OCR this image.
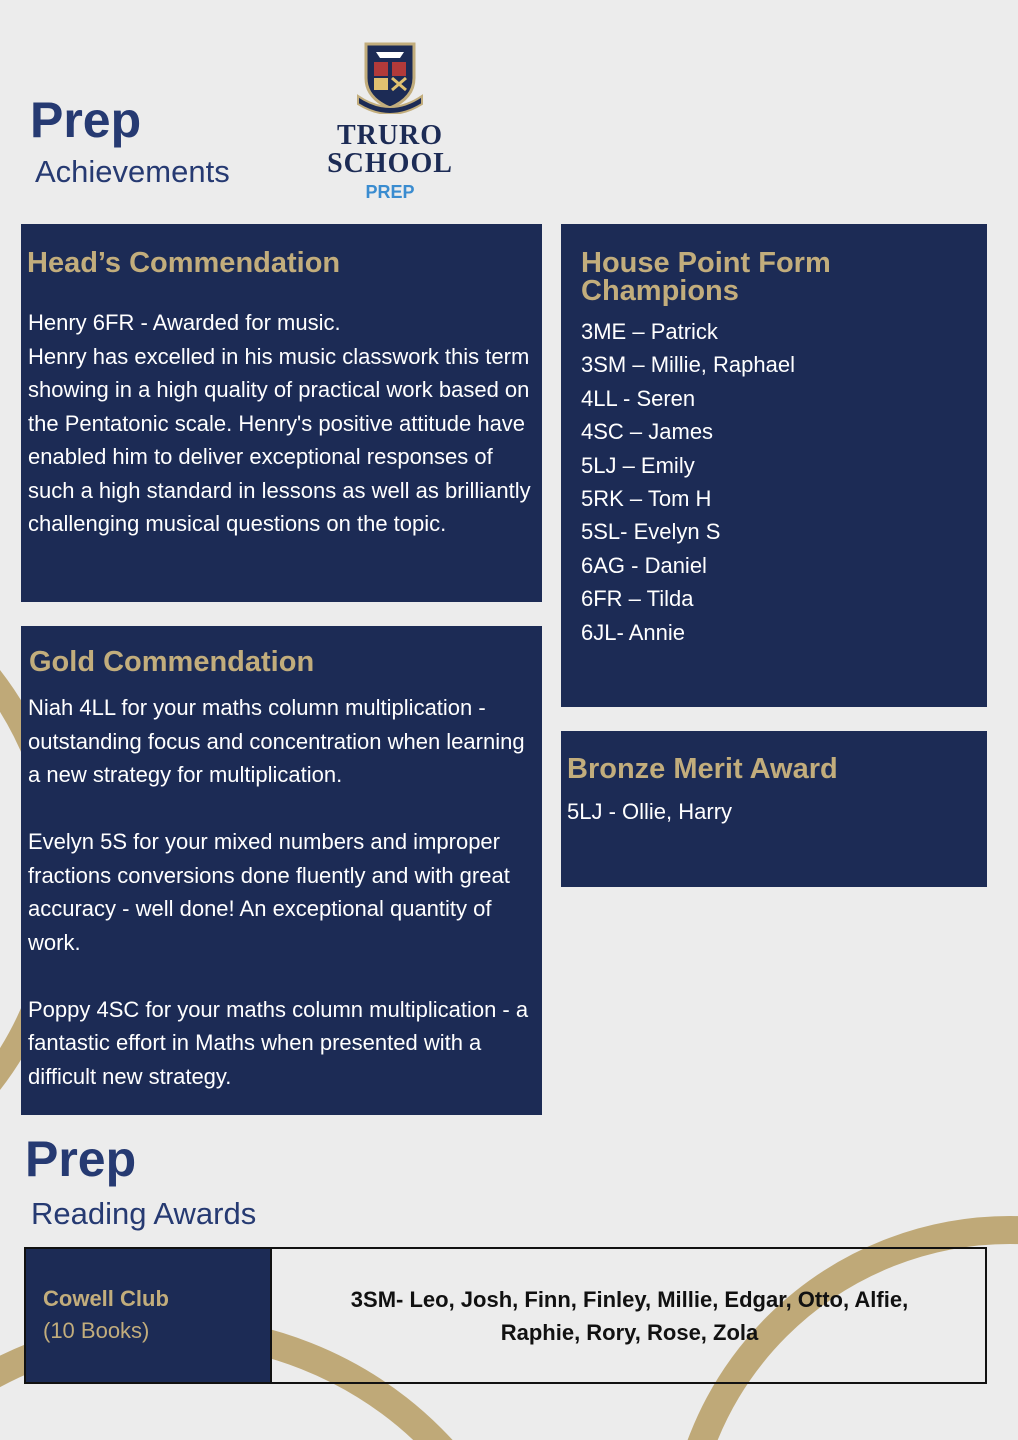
Prep
Achievements
TRURO
SCHOOL
PREP
Head’s Commendation
Henry 6FR - Awarded for music.
Henry has excelled in his music classwork this term showing in a high quality of practical work based on the Pentatonic scale. Henry's positive attitude have enabled him to deliver exceptional responses of such a high standard in lessons as well as brilliantly challenging musical questions on the topic.
House Point Form
Champions
3ME – Patrick
3SM – Millie, Raphael
4LL - Seren
4SC – James
5LJ – Emily
5RK – Tom H
5SL- Evelyn S
6AG - Daniel
6FR – Tilda
6JL- Annie
Gold Commendation
Niah 4LL for your maths column multiplication - outstanding focus and concentration when learning a new strategy for multiplication.
Evelyn 5S for your mixed numbers and improper fractions conversions done fluently and with great accuracy - well done! An exceptional quantity of work.
Poppy 4SC for your maths column multiplication - a fantastic effort in Maths when presented with a difficult new strategy.
Bronze Merit Award
5LJ - Ollie, Harry
Prep
Reading Awards
Cowell Club
(10 Books)
3SM- Leo, Josh, Finn, Finley, Millie, Edgar, Otto, Alfie,
Raphie, Rory, Rose, Zola
